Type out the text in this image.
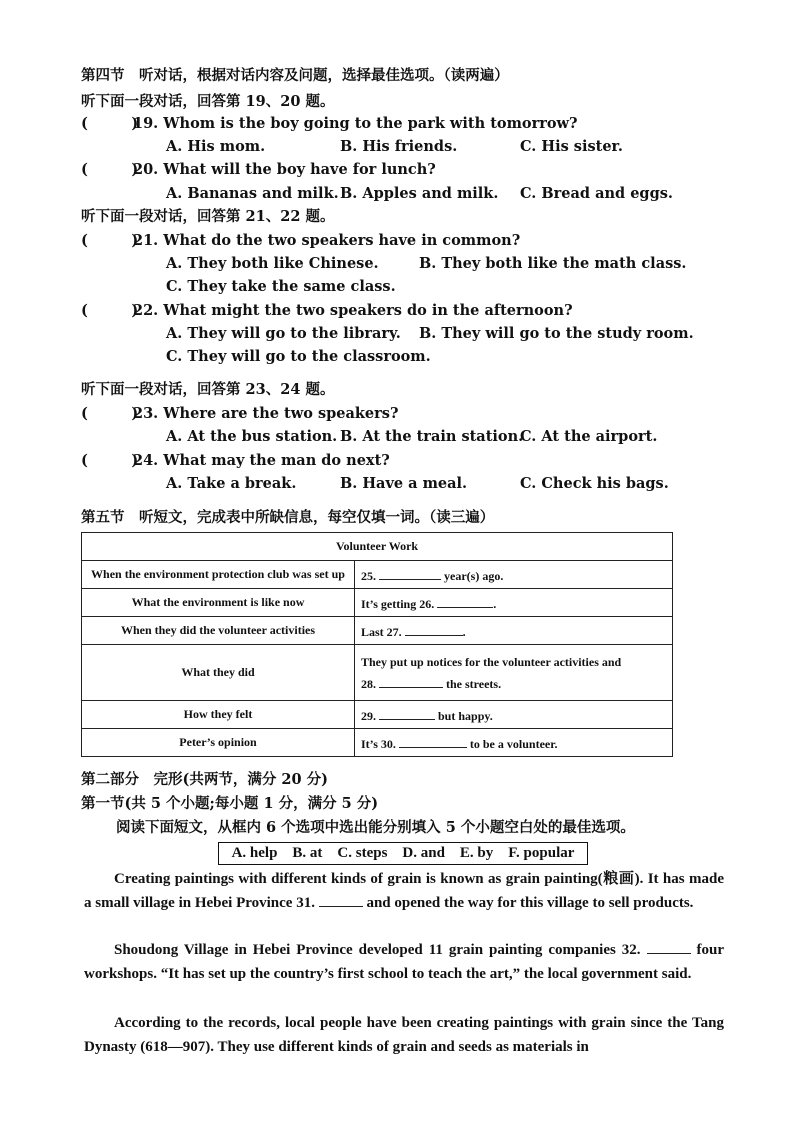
第四节　听对话，根据对话内容及问题，选择最佳选项。（读两遍）
听下面一段对话，回答第 19、20 题。
(　　　)
19. Whom is the boy going to the park with tomorrow?
A. His mom.	B. His friends.	C. His sister.
(　　　)
20. What will the boy have for lunch?
A. Bananas and milk. B. Apples and milk. C. Bread and eggs.
听下面一段对话，回答第 21、22 题。
(　　　)
21. What do the two speakers have in common?
A. They both like Chinese.	B. They both like the math class.
C. They take the same class.
(　　　)
22. What might the two speakers do in the afternoon?
A. They will go to the library. B. They will go to the study room.
C. They will go to the classroom.
听下面一段对话，回答第 23、24 题。
(　　　)
23. Where are the two speakers?
A. At the bus station. B. At the train station.
C. At the airport.
(　　　)
24. What may the man do next?
A. Take a break.	B. Have a meal.	C. Check his bags.
第五节　听短文，完成表中所缺信息，每空仅填一词。（读三遍）
Volunteer Work	
When the environment protection club was set up	25. year(s) ago.
What the environment is like now	It’s getting 26. .
When they did the volunteer activities	Last 27. .
What they did	They put up notices for the volunteer activities and
28. the streets.
How they felt	29. but happy.
Peter’s opinion	It’s 30. to be a volunteer.
第二部分　完形(共两节，满分 20 分)
第一节(共 5 个小题;每小题 1 分，满分 5 分)
阅读下面短文，从框内 6 个选项中选出能分别填入 5 个小题空白处的最佳选项。
A. help　B. at　C. steps　D. and　E. by　F. popular
Creating paintings with different kinds of grain is known as grain painting(粮画). It has made a small village in Hebei Province 31.	and opened the way for this village to sell products.
Shoudong Village in Hebei Province developed 11 grain painting companies 32.	four workshops. “It has set up the country’s first school to teach the art,” the local government said.
According to the records, local people have been creating paintings with grain since the Tang Dynasty (618—907). They use different kinds of grain and seeds as materials in
